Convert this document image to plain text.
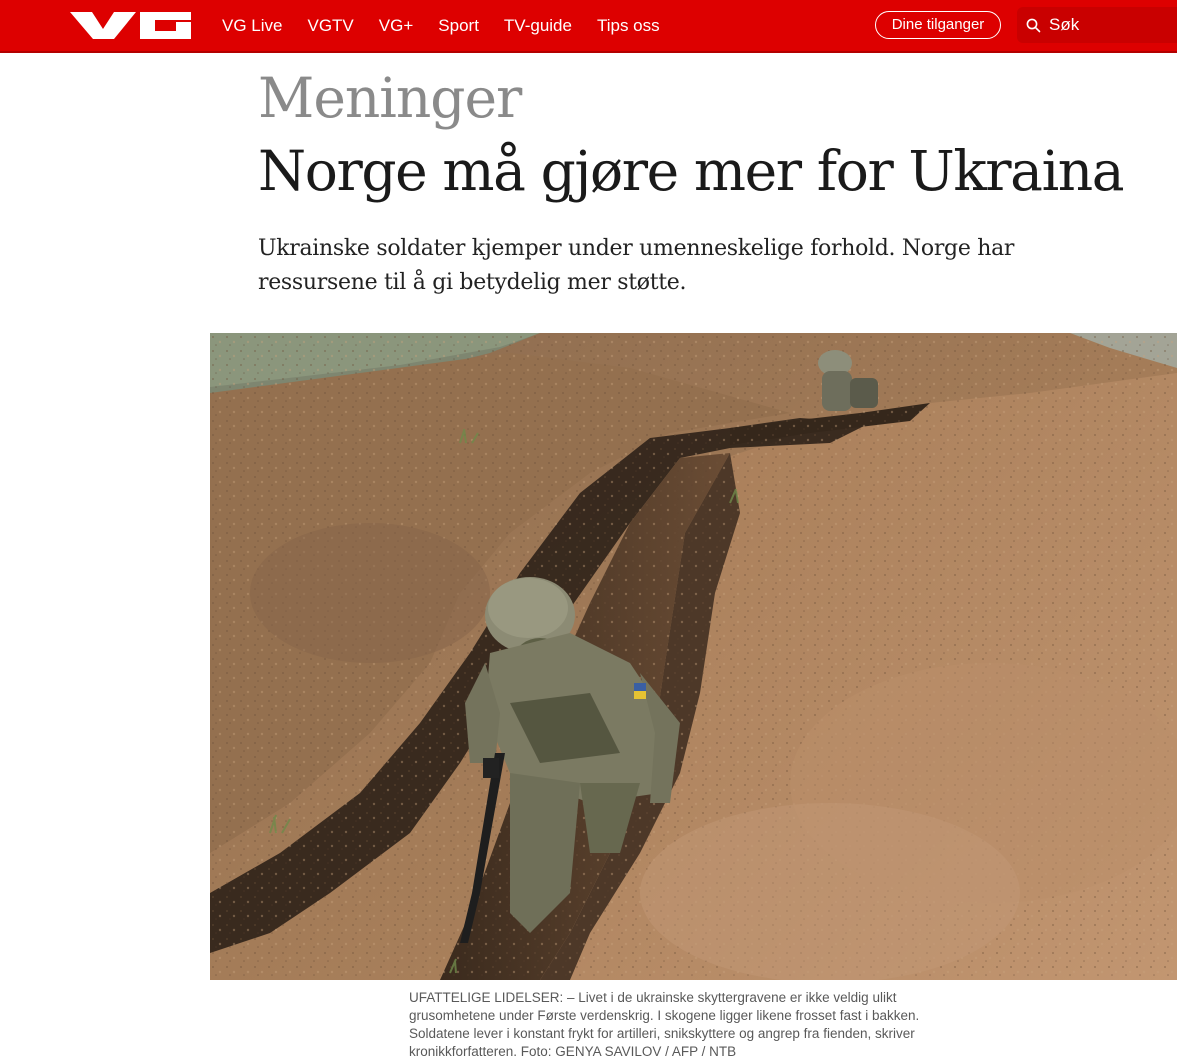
VG Live VGTV VG+ Sport TV-guide Tips oss	Dine tilganger
Søk
Meninger
Norge må gjøre mer for Ukraina

Ukrainske soldater kjemper under umenneskelige forhold. Norge har ressursene til å gi betydelig mer støtte.

UFATTELIGE LIDELSER: – Livet i de ukrainske skyttergravene er ikke veldig ulikt grusomhetene under Første verdenskrig. I skogene ligger likene frosset fast i bakken. Soldatene lever i konstant frykt for artilleri, snikskyttere og angrep fra fienden, skriver kronikkforfatteren. Foto: GENYA SAVILOV / AFP / NTB
